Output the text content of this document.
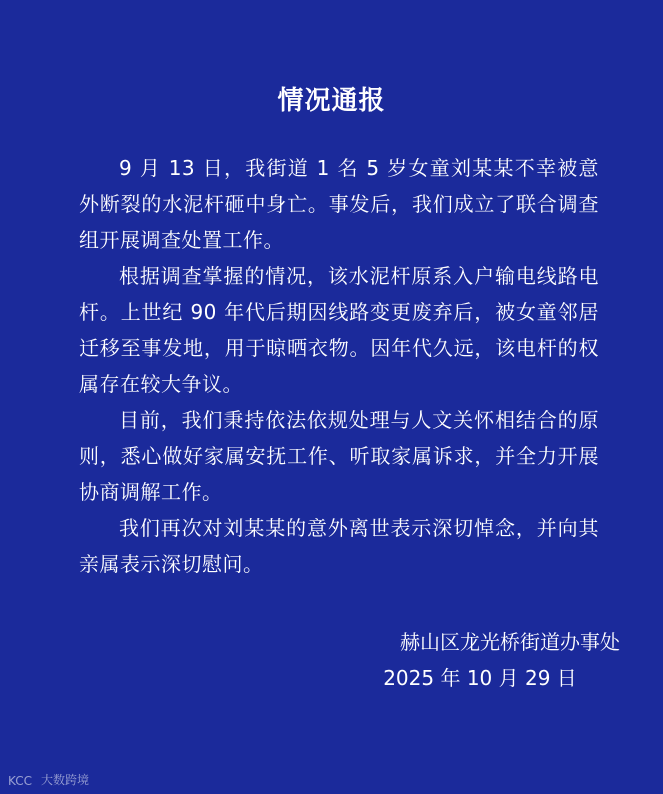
情况通报

9 月 13 日，我街道 1 名 5 岁女童刘某某不幸被意外断裂的水泥杆砸中身亡。事发后，我们成立了联合调查组开展调查处置工作。

根据调查掌握的情况，该水泥杆原系入户输电线路电杆。上世纪 90 年代后期因线路变更废弃后，被女童邻居迁移至事发地，用于晾晒衣物。因年代久远，该电杆的权属存在较大争议。

目前，我们秉持依法依规处理与人文关怀相结合的原则，悉心做好家属安抚工作、听取家属诉求，并全力开展协商调解工作。

我们再次对刘某某的意外离世表示深切悼念，并向其亲属表示深切慰问。

赫山区龙光桥街道办事处
2025 年 10 月 29 日
KCC 大数跨境
